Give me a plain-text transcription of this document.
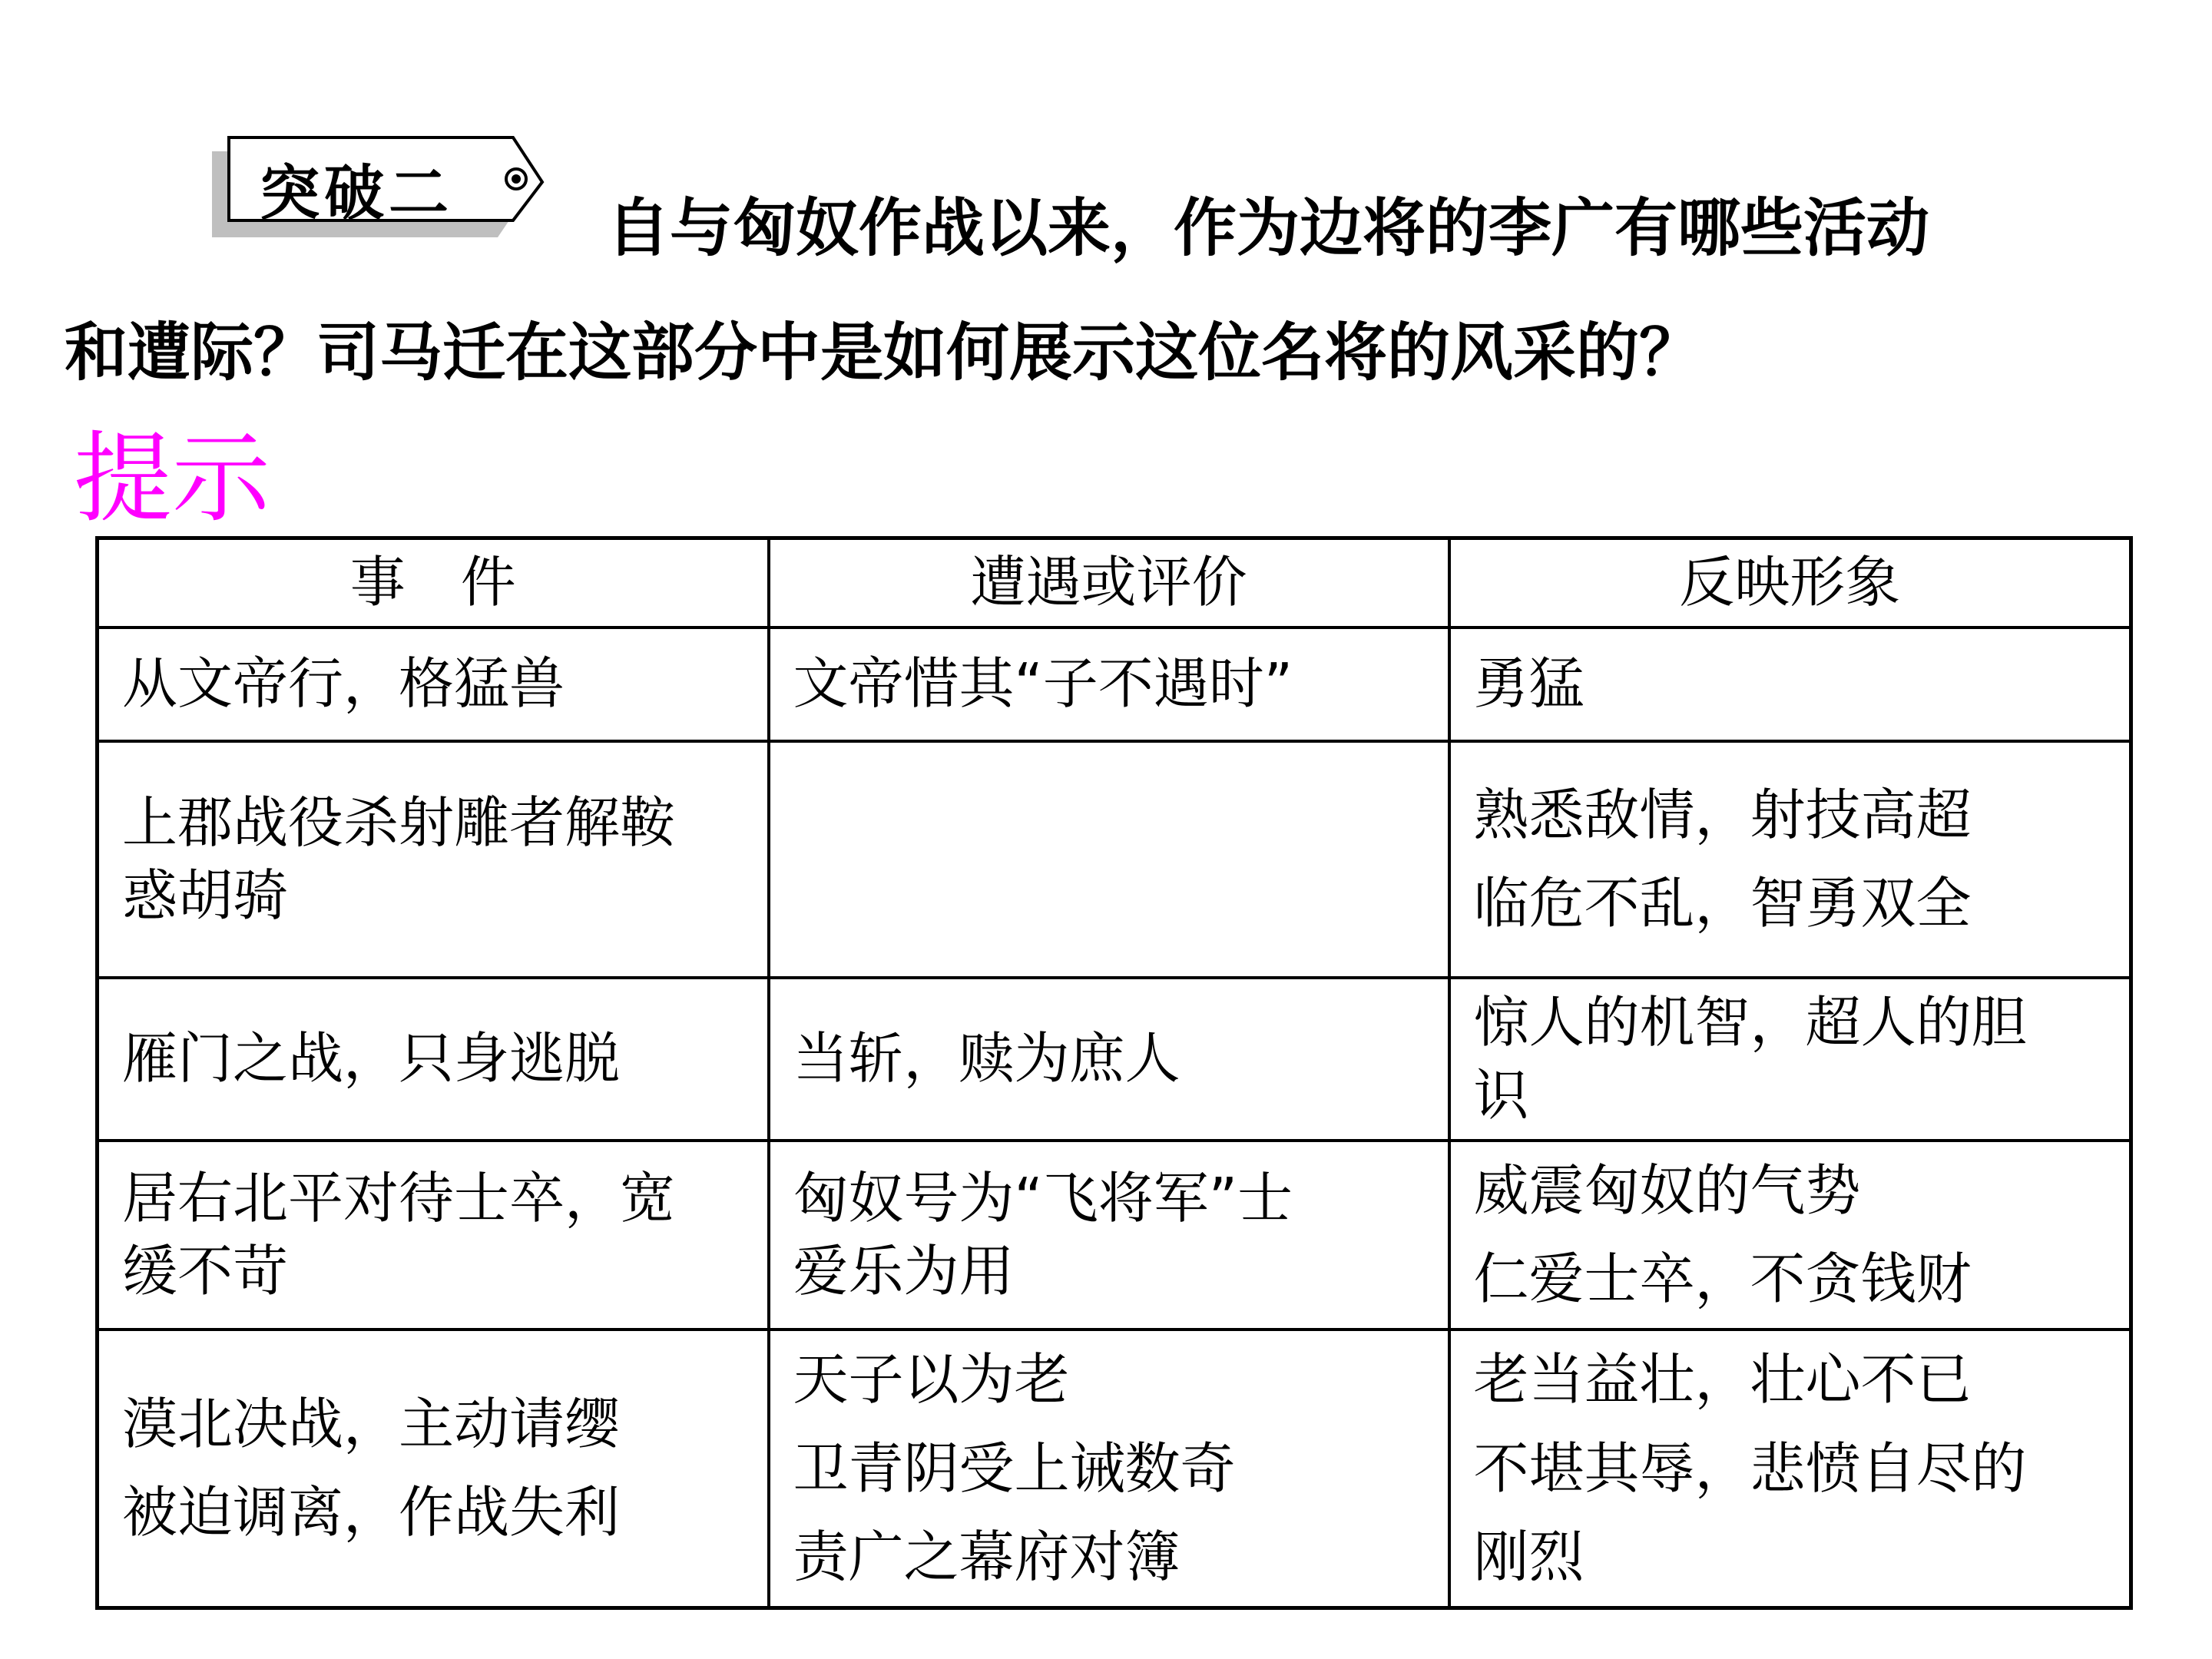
突破二 自与匈奴作战以来，作为边将的李广有哪些活动
和遭际？司马迁在这部分中是如何展示这位名将的风采的？
提示
事　件	遭遇或评价	反映形象

从文帝行，格猛兽	文帝惜其“子不遇时”	勇猛

上郡战役杀射雕者解鞍
惑胡骑		熟悉敌情，射技高超
临危不乱，智勇双全

雁门之战，只身逃脱	当斩，赎为庶人	惊人的机智，超人的胆
识

居右北平对待士卒，宽
缓不苛	匈奴号为“飞将军”士
爱乐为用	威震匈奴的气势
仁爱士卒，不贪钱财

漠北决战，主动请缨
被迫调离，作战失利	天子以为老
卫青阴受上诫数奇
责广之幕府对簿	老当益壮，壮心不已
不堪其辱，悲愤自尽的
刚烈
